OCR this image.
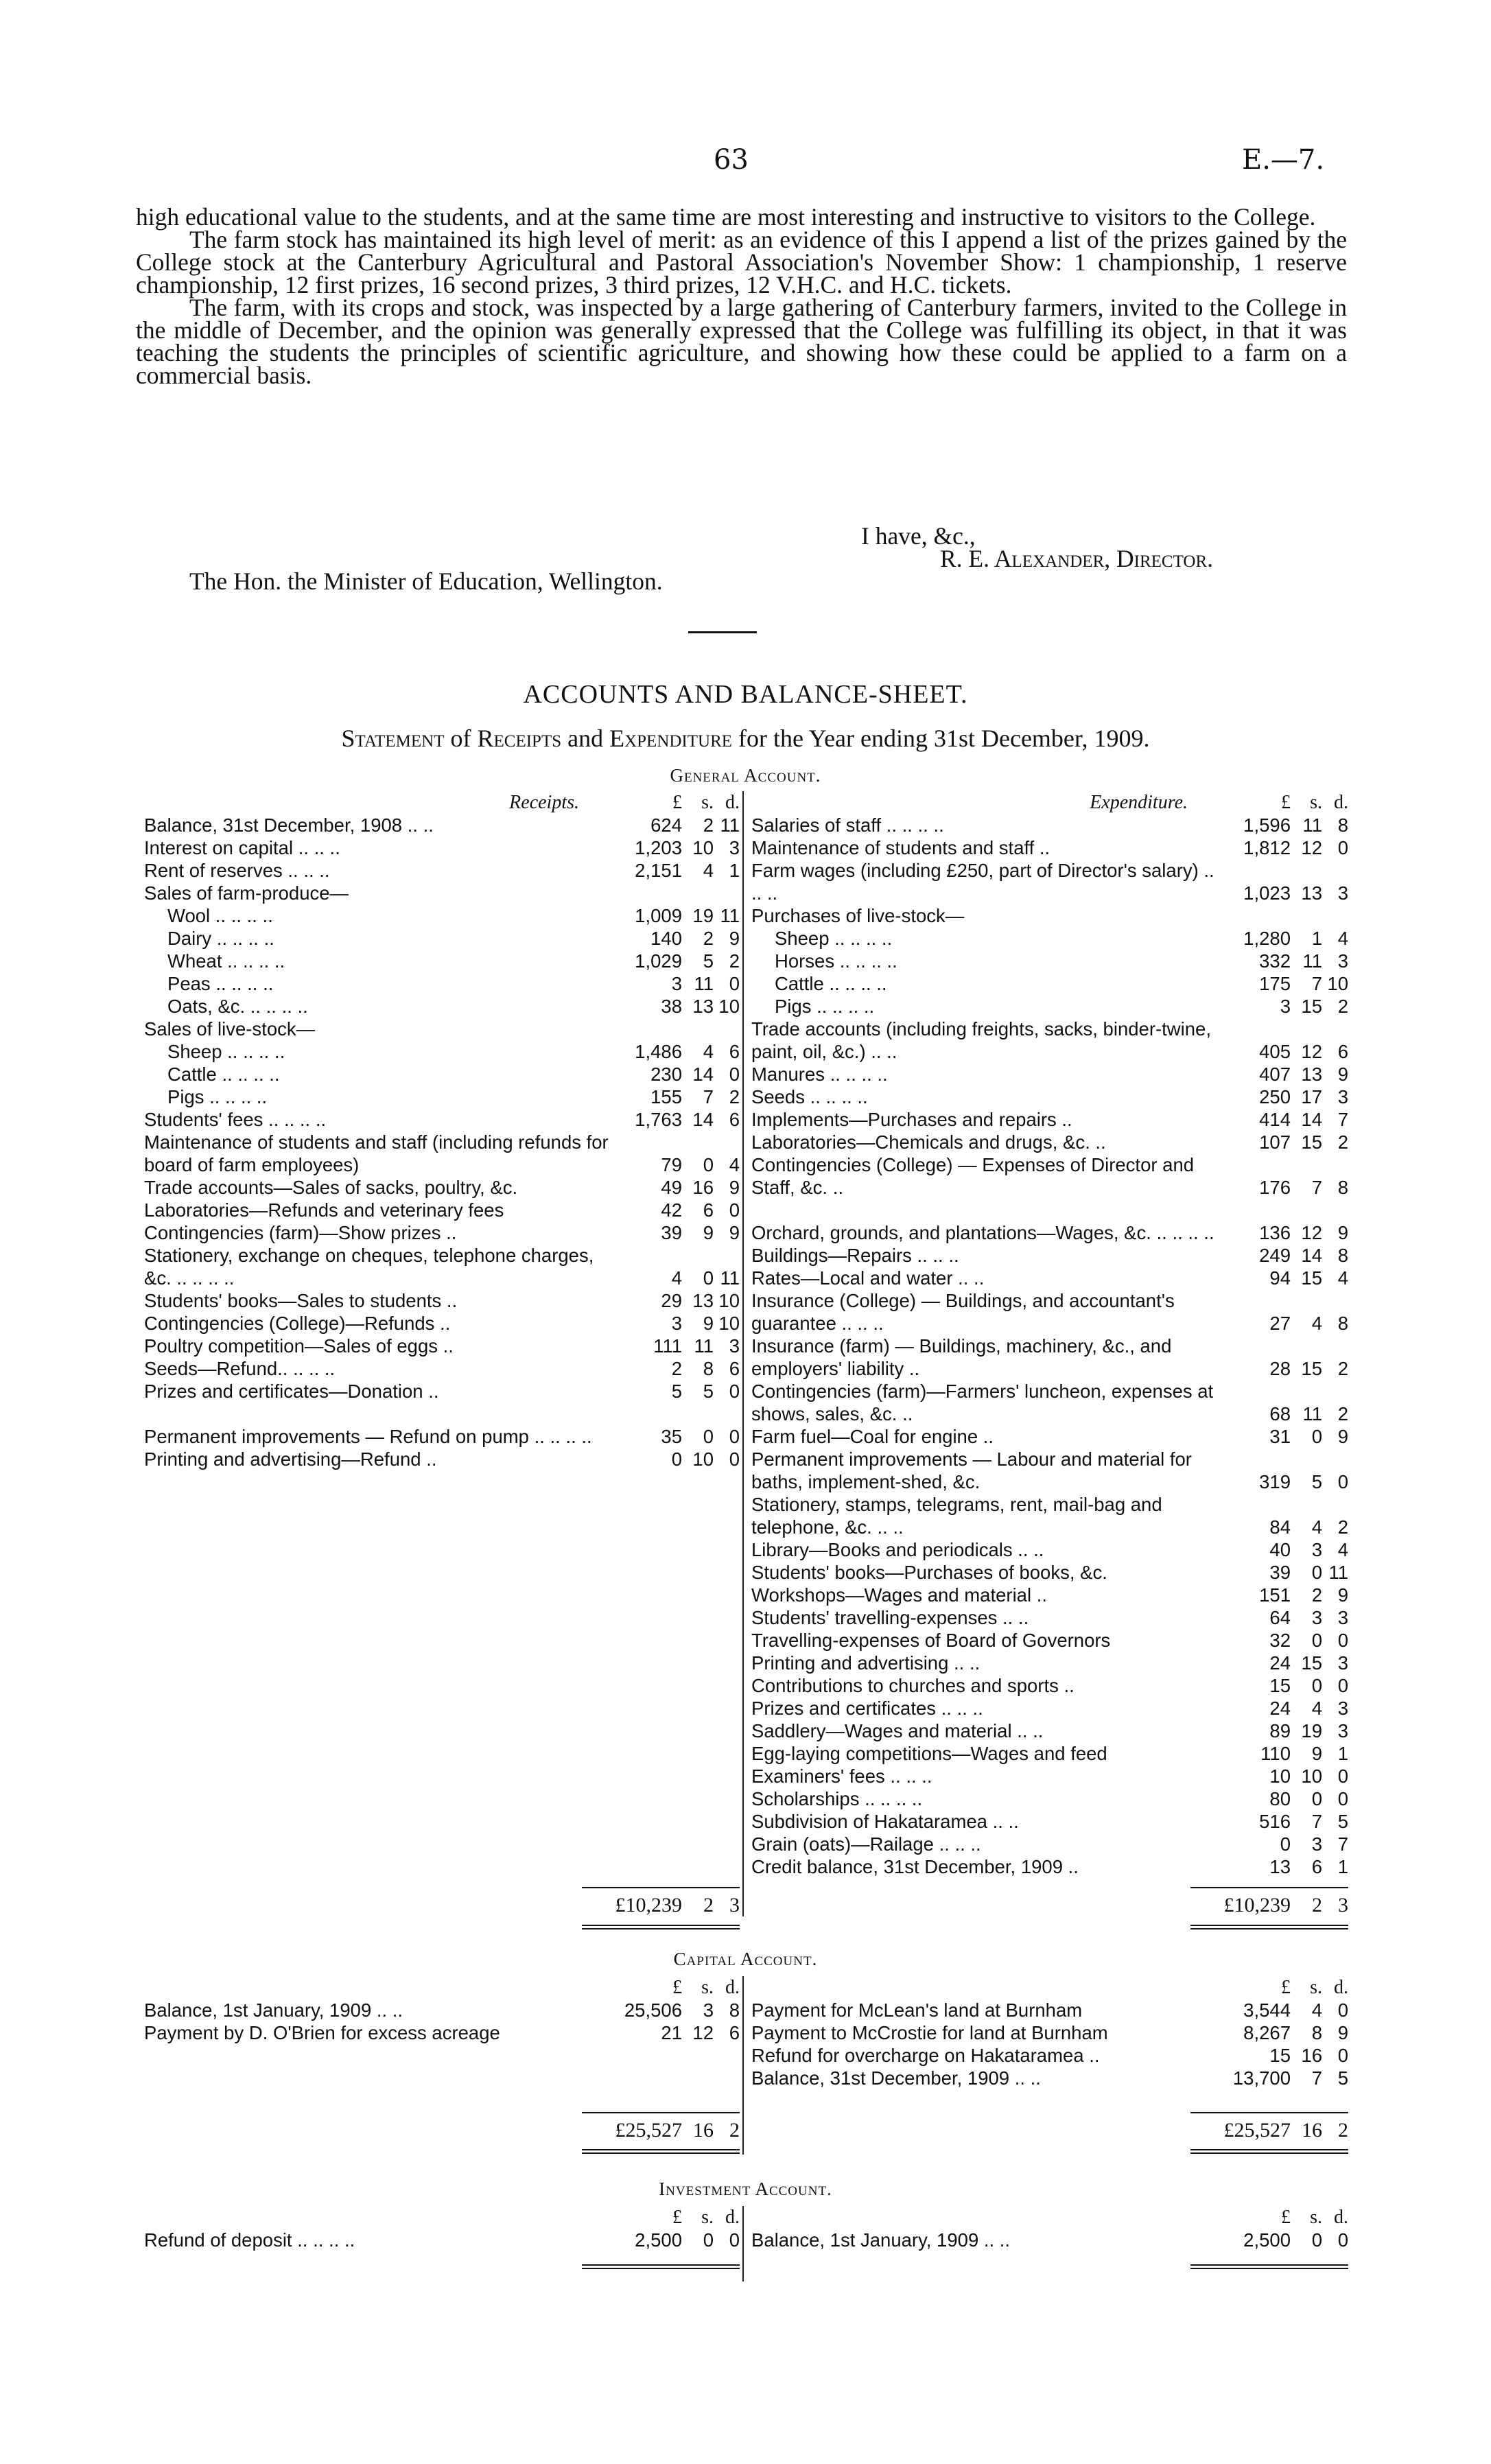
63	E.—7.

high educational value to the students, and at the same time are most interesting and instructive to visitors to the College.

The farm stock has maintained its high level of merit: as an evidence of this I append a list of the prizes gained by the College stock at the Canterbury Agricultural and Pastoral Association's November Show: 1 championship, 1 reserve championship, 12 first prizes, 16 second prizes, 3 third prizes, 12 V.H.C. and H.C. tickets.

The farm, with its crops and stock, was inspected by a large gathering of Canterbury farmers, invited to the College in the middle of December, and the opinion was generally expressed that the College was fulfilling its object, in that it was teaching the students the principles of scientific agriculture, and showing how these could be applied to a farm on a commercial basis.

I have, &c.,
R. E. Alexander, Director.
The Hon. the Minister of Education, Wellington.
ACCOUNTS AND BALANCE-SHEET.
Statement of Receipts and Expenditure for the Year ending 31st December, 1909.
General Account.
Receipts.	£	s. d.
Balance, 31st December, 1908 .. ..	624	2 11
Interest on capital .. .. ..	1,203 10 3
Rent of reserves .. .. ..	2,151	4 1
Sales of farm-produce—
Wool .. .. .. ..	1,009 19 11
Dairy .. .. .. ..	140	2 9
Wheat .. .. .. ..	1,029	5 2
Peas .. .. .. ..	3 11 0
Oats, &c. .. .. .. ..	38 13 10
Sales of live-stock—
Sheep .. .. .. ..	1,486	4 6
Cattle .. .. .. ..	230 14 0
Pigs .. .. .. ..	155	7 2
Students' fees .. .. .. ..	1,763 14 6
Maintenance of students and staff (including refunds for board of farm employees)	79	0 4
Trade accounts—Sales of sacks, poultry, &c.	49 16 9
Laboratories—Refunds and veterinary fees	42	6 0
Contingencies (farm)—Show prizes ..	39	9 9
Stationery, exchange on cheques, telephone charges, &c. .. .. .. ..	4	0 11
Students' books—Sales to students ..	29 13 10
Contingencies (College)—Refunds ..	3	9 10
Poultry competition—Sales of eggs ..	111 11 3
Seeds—Refund.. .. .. ..	2	8 6
Prizes and certificates—Donation ..	5	5 0
Permanent improvements — Refund on pump .. .. .. ..	35	0 0
Printing and advertising—Refund ..	0 10 0
Expenditure.	£	s. d.
Salaries of staff .. .. .. ..	1,596 11 8
Maintenance of students and staff ..	1,812 12 0
Farm wages (including £250, part of Director's salary) .. .. ..	1,023 13 3
Purchases of live-stock—
Sheep .. .. .. ..	1,280	1 4
Horses .. .. .. ..	332 11 3
Cattle .. .. .. ..	175	7 10
Pigs .. .. .. ..	3 15 2
Trade accounts (including freights, sacks, binder-twine, paint, oil, &c.) .. ..	405 12 6
Manures .. .. .. ..	407 13 9
Seeds .. .. .. ..	250 17 3
Implements—Purchases and repairs ..	414 14 7
Laboratories—Chemicals and drugs, &c. ..	107 15 2
Contingencies (College) — Expenses of Director and Staff, &c. ..	176	7 8
Orchard, grounds, and plantations—Wages, &c. .. .. .. ..	136 12 9
Buildings—Repairs .. .. ..	249 14 8
Rates—Local and water .. ..	94 15 4
Insurance (College) — Buildings, and accountant's guarantee .. .. ..	27	4 8
Insurance (farm) — Buildings, machinery, &c., and employers' liability ..	28 15 2
Contingencies (farm)—Farmers' luncheon, expenses at shows, sales, &c. ..	68 11 2
Farm fuel—Coal for engine ..	31	0 9
Permanent improvements — Labour and material for baths, implement-shed, &c.	319	5 0
Stationery, stamps, telegrams, rent, mail-bag and telephone, &c. .. ..	84	4 2
Library—Books and periodicals .. ..	40	3 4
Students' books—Purchases of books, &c.	39	0 11
Workshops—Wages and material ..	151	2 9
Students' travelling-expenses .. ..	64	3 3
Travelling-expenses of Board of Governors	32	0 0
Printing and advertising .. ..	24 15 3
Contributions to churches and sports ..	15	0 0
Prizes and certificates .. .. ..	24	4 3
Saddlery—Wages and material .. ..	89 19 3
Egg-laying competitions—Wages and feed	110	9 1
Examiners' fees .. .. ..	10 10 0
Scholarships .. .. .. ..	80	0 0
Subdivision of Hakataramea .. ..	516	7 5
Grain (oats)—Railage .. .. ..	0	3 7
Credit balance, 31st December, 1909 ..	13	6 1
£10,239	2 3	£10,239	2 3
Capital Account.
£	s. d.
Balance, 1st January, 1909 .. ..	25,506	3 8
Payment by D. O'Brien for excess acreage	21 12 6
£	s. d.
Payment for McLean's land at Burnham	3,544	4 0
Payment to McCrostie for land at Burnham	8,267	8 9
Refund for overcharge on Hakataramea ..	15 16 0
Balance, 31st December, 1909 .. ..	13,700	7 5
£25,527 16 2	£25,527 16 2
Investment Account.
£	s. d.
Refund of deposit .. .. .. ..	2,500	0 0
£	s. d.
Balance, 1st January, 1909 .. ..	2,500	0 0
